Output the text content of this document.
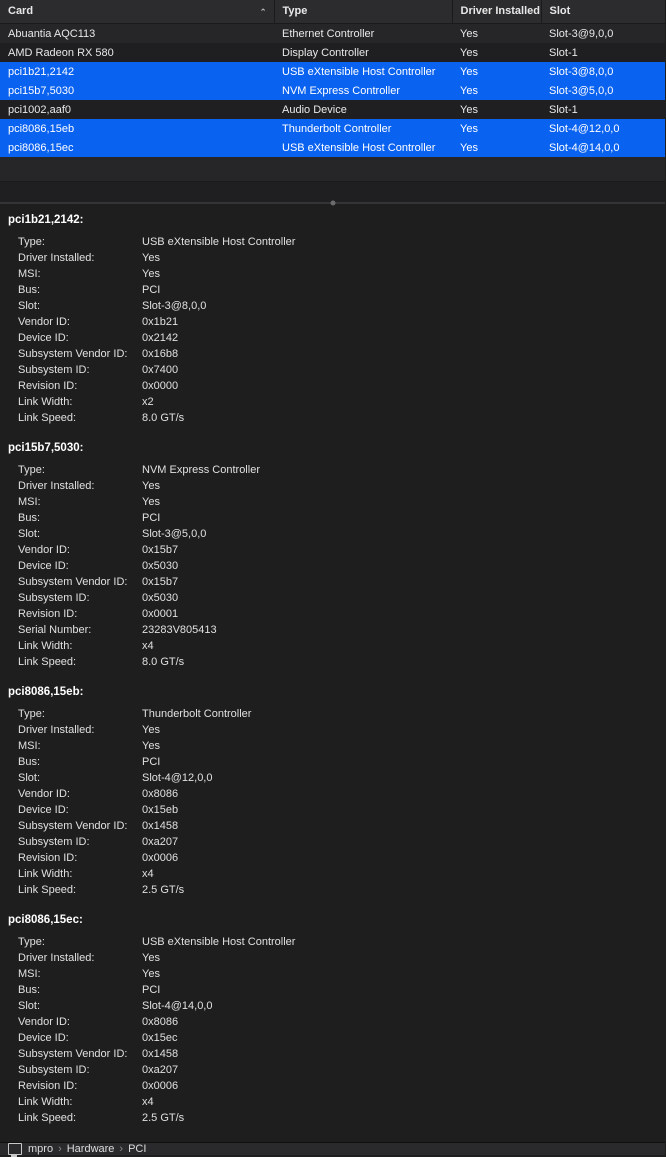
Card ⌃	Type	Driver Installed	Slot
Abuantia AQC113	Ethernet Controller	Yes	Slot-3@9,0,0
AMD Radeon RX 580	Display Controller	Yes	Slot-1
pci1b21,2142	USB eXtensible Host Controller	Yes	Slot-3@8,0,0
pci15b7,5030	NVM Express Controller	Yes	Slot-3@5,0,0
pci1002,aaf0	Audio Device	Yes	Slot-1
pci8086,15eb	Thunderbolt Controller	Yes	Slot-4@12,0,0
pci8086,15ec	USB eXtensible Host Controller	Yes	Slot-4@14,0,0
pci1b21,2142:
Type:	USB eXtensible Host Controller
Driver Installed:	Yes
MSI:	Yes
Bus:	PCI
Slot:	Slot-3@8,0,0
Vendor ID:	0x1b21
Device ID:	0x2142
Subsystem Vendor ID:	0x16b8
Subsystem ID:	0x7400
Revision ID:	0x0000
Link Width:	x2
Link Speed:	8.0 GT/s
pci15b7,5030:
Type:	NVM Express Controller
Driver Installed:	Yes
MSI:	Yes
Bus:	PCI
Slot:	Slot-3@5,0,0
Vendor ID:	0x15b7
Device ID:	0x5030
Subsystem Vendor ID:	0x15b7
Subsystem ID:	0x5030
Revision ID:	0x0001
Serial Number:	23283V805413
Link Width:	x4
Link Speed:	8.0 GT/s
pci8086,15eb:
Type:	Thunderbolt Controller
Driver Installed:	Yes
MSI:	Yes
Bus:	PCI
Slot:	Slot-4@12,0,0
Vendor ID:	0x8086
Device ID:	0x15eb
Subsystem Vendor ID:	0x1458
Subsystem ID:	0xa207
Revision ID:	0x0006
Link Width:	x4
Link Speed:	2.5 GT/s
pci8086,15ec:
Type:	USB eXtensible Host Controller
Driver Installed:	Yes
MSI:	Yes
Bus:	PCI
Slot:	Slot-4@14,0,0
Vendor ID:	0x8086
Device ID:	0x15ec
Subsystem Vendor ID:	0x1458
Subsystem ID:	0xa207
Revision ID:	0x0006
Link Width:	x4
Link Speed:	2.5 GT/s
mpro › Hardware › PCI
